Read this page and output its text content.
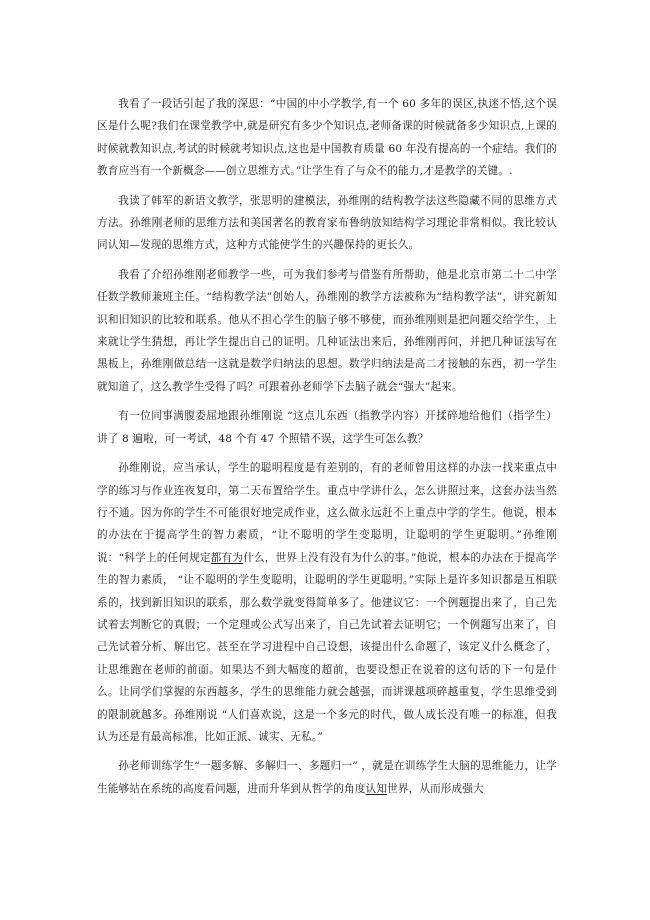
我看了一段话引起了我的深思：“中国的中小学教学,有一个 60 多年的误区,执迷不悟,这个误区是什么呢?我们在课堂教学中,就是研究有多少个知识点,老师备课的时候就备多少知识点,上课的时候就教知识点,考试的时候就考知识点,这也是中国教育质量 60 年没有提高的一个症结。我们的教育应当有一个新概念——创立思维方式。”让学生有了与众不的能力,才是教学的关键。.

我读了韩军的新语文教学，张思明的建模法，孙维刚的结构教学法这些隐藏不同的思维方式方法。孙维刚老师的思维方法和美国著名的教育家布鲁纳放知结构学习理论非常相似。我比较认同认知—发现的思维方式，这种方式能使学生的兴趣保持的更长久。

我看了介绍孙维刚老师教学一些，可为我们参考与借鉴有所帮助，他是北京市第二十二中学任数学教师兼班主任。“结构教学法”创始人，孙维刚的教学方法被称为“结构教学法”，讲究新知识和旧知识的比较和联系。他从不担心学生的脑子够不够使，而孙维刚则是把问题交给学生，上来就让学生猜想，再让学生提出自己的证明。几种证法出来后，孙维刚再问，并把几种证法写在黑板上，孙维刚做总结一这就是数学归纳法的思想。数学归纳法是高二才接触的东西，初一学生就知道了，这么教学生受得了吗？可跟着孙老师学下去脑子就会“强大”起来。

有一位同事满腹委屈地跟孙维刚说 “这点儿东西（指教学内容）开揉碎地给他们（指学生）讲了 8 遍啦，可一考试，48 个有 47 个照错不误，这学生可怎么教？

孙维刚说，应当承认，学生的聪明程度是有差别的，有的老师曾用这样的办法一找来重点中学的练习与作业连夜复印，第二天布置给学生。重点中学讲什么，怎么讲照过来，这套办法当然行不通。因为你的学生不可能很好地完成作业，这么做永远赶不上重点中学的学生。他说，根本的办法在于提高学生的智力素质，“让不聪明的学生变聪明，让聪明的学生更聪明。”孙维刚说：“科学上的任何规定都有为什么，世界上没有没有为什么的事。”他说，根本的办法在于提高学生的智力素质， “让不聪明的学生变聪明，让聪明的学生更聪明。”实际上是许多知识都是互相联系的，找到新旧知识的联系，那么数学就变得简单多了。他建议它：一个例题提出来了，自己先试着去判断它的真假；一个定理或公式写出来了，自己先试着去证明它；一个例题写出来了，自己先试着分析、解出它。甚至在学习进程中自己设想，该提出什么命题了，该定义什么概念了，让思维跑在老师的前面。如果达不到大幅度的超前，也要设想正在说着的这句话的下一句是什么。让同学们掌握的东西越多，学生的思维能力就会越强，而讲课越项碎越重复，学生思维受到的限制就越多。孙维刚说 “人们喜欢说，这是一个多元的时代，做人成长没有唯一的标准，但我认为还是有最高标准，比如正派、诚实、无私。”

孙老师训练学生“一题多解、多解归一、多题归一” ，就是在训练学生大脑的思维能力，让学生能够站在系统的高度看问题，进而升华到从哲学的角度认知世界，从而形成强大
